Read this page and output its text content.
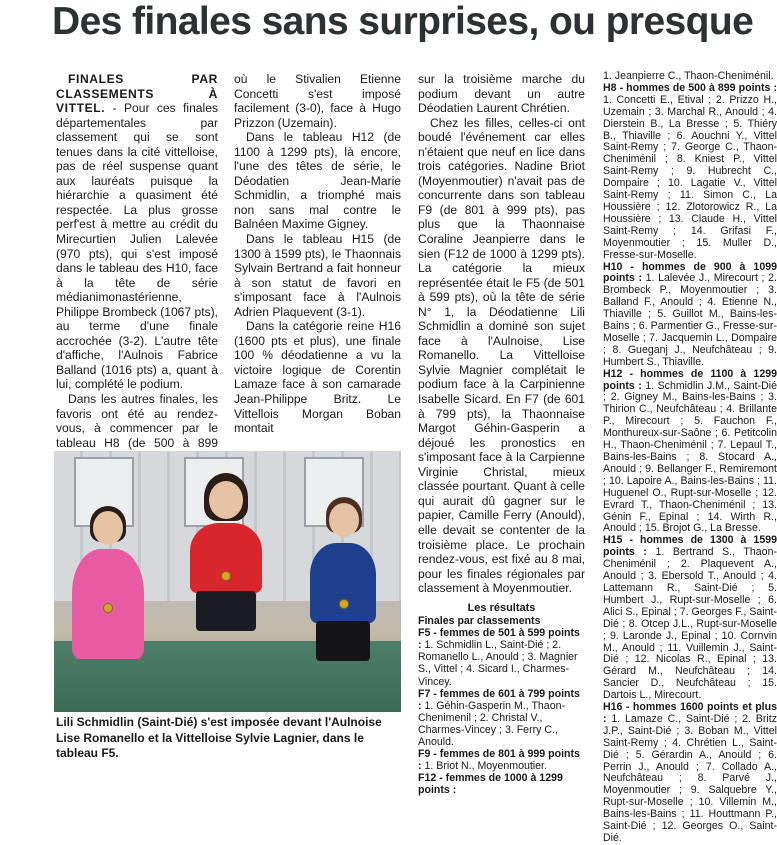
Des finales sans surprises, ou presque

FINALES PAR CLASSEMENTS À VITTEL. - Pour ces finales départementales par classement qui se sont tenues dans la cité vittelloise, pas de réel suspense quant aux lauréats puisque la hiérarchie a quasiment été respectée. La plus grosse perf'est à mettre au crédit du Mirecurtien Julien Lalevée (970 pts), qui s'est imposé dans le tableau des H10, face à la tête de série médianimonastérienne, Philippe Brombeck (1067 pts), au terme d'une finale accrochée (3-2). L'autre tête d'affiche, l'Aulnois Fabrice Balland (1016 pts) a, quant à lui, complété le podium.

Dans les autres finales, les favoris ont été au rendez-vous, à commencer par le tableau H8 (de 500 à 899

où le Stivalien Etienne Concetti s'est imposé facilement (3-0), face à Hugo Prizzon (Uzemain).

Dans le tableau H12 (de 1100 à 1299 pts), là encore, l'une des têtes de série, le Déodatien Jean-Marie Schmidlin, a triomphé mais non sans mal contre le Balnéen Maxime Gigney.

Dans le tableau H15 (de 1300 à 1599 pts), le Thaonnais Sylvain Bertrand a fait honneur à son statut de favori en s'imposant face à l'Aulnois Adrien Plaquevent (3-1).

Dans la catégorie reine H16 (1600 pts et plus), une finale 100 % déodatienne a vu la victoire logique de Corentin Lamaze face à son camarade Jean-Philippe Britz. Le Vittellois Morgan Boban montait

sur la troisième marche du podium devant un autre Déodatien Laurent Chrétien.

Chez les filles, celles-ci ont boudé l'événement car elles n'étaient que neuf en lice dans trois catégories. Nadine Briot (Moyenmoutier) n'avait pas de concurrente dans son tableau F9 (de 801 à 999 pts), pas plus que la Thaonnaise Coraline Jeanpierre dans le sien (F12 de 1000 à 1299 pts). La catégorie la mieux représentée était le F5 (de 501 à 599 pts), où la tête de série N° 1, la Déodatienne Lili Schmidlin a dominé son sujet face à l'Aulnoise, Lise Romanello. La Vittelloise Sylvie Magnier complétait le podium face à la Carpinienne Isabelle Sicard. En F7 (de 601 à 799 pts), la Thaonnaise Margot Géhin-Gasperin a déjoué les pronostics en s'imposant face à la Carpienne Virginie Christal, mieux classée pourtant. Quant à celle qui aurait dû gagner sur le papier, Camille Ferry (Anould), elle devait se contenter de la troisième place. Le prochain rendez-vous, est fixé au 8 mai, pour les finales régionales par classement à Moyenmoutier.

Les résultats
Finales par classements
F5 - femmes de 501 à 599 points : 1. Schmidlin L., Saint-Dié ; 2. Romanello L., Anould ; 3. Magnier S., Vittel ; 4. Sicard I., Charmes-Vincey.
F7 - femmes de 601 à 799 points : 1. Géhin-Gasperin M., Thaon-Chenimenil ; 2. Christal V., Charmes-Vincey ; 3. Ferry C., Anould.
F9 - femmes de 801 à 999 points : 1. Briot N., Moyenmoutier.
F12 - femmes de 1000 à 1299 points :
1. Jeanpierre C., Thaon-Cheniménil.
H8 - hommes de 500 à 899 points : 1. Concetti E., Etival ; 2. Prizzo H., Uzemain ; 3. Marchal R., Anould ; 4. Dierstein B., La Bresse ; 5. Thiéry B., Thiaville ; 6. Aouchni Y., Vittel Saint-Remy ; 7. George C., Thaon-Cheniménil ; 8. Kniest P., Vittel Saint-Remy ; 9. Hubrecht C., Dompaire ; 10. Lagatie V., Vittel Saint-Remy ; 11. Simon C., La Houssière ; 12. Zlotorowicz R., La Houssière ; 13. Claude H., Vittel Saint-Remy ; 14. Grifasi F., Moyenmoutier ; 15. Muller D., Fresse-sur-Moselle.
H10 - hommes de 900 à 1099 points : 1. Lalevée J., Mirecourt ; 2. Brombeck P., Moyenmoutier ; 3. Balland F., Anould ; 4. Etienne N., Thiaville ; 5. Guillot M., Bains-les-Bains ; 6. Parmentier G., Fresse-sur-Moselle ; 7. Jacquemin L., Dompaire ; 8. Gueganj J., Neufchâteau ; 9. Humbert S., Thiaville.
H12 - hommes de 1100 à 1299 points : 1. Schmidlin J.M., Saint-Dié ; 2. Gigney M., Bains-les-Bains ; 3. Thirion C., Neufchâteau ; 4. Brillante P., Mirecourt ; 5. Fauchon F., Monthureux-sur-Saône ; 6. Petitcolin H., Thaon-Cheniménil ; 7. Lepaul T., Bains-les-Bains ; 8. Stocard A., Anould ; 9. Bellanger F., Remiremont ; 10. Lapoire A., Bains-les-Bains ; 11. Huguenel O., Rupt-sur-Moselle ; 12. Evrard T., Thaon-Cheniménil ; 13. Génin F., Epinal ; 14. Wirth R., Anould ; 15. Brojot G., La Bresse.
H15 - hommes de 1300 à 1599 points : 1. Bertrand S., Thaon-Cheniménil ; 2. Plaquevent A., Anould ; 3. Ebersold T., Anould ; 4. Lattemann R., Saint-Dié ; 5. Humbert J., Rupt-sur-Moselle ; 6. Alici S., Epinal ; 7. Georges F., Saint-Dié ; 8. Otcep J.L., Rupt-sur-Moselle ; 9. Laronde J., Epinal ; 10. Cornvin M., Anould ; 11. Vuillemin J., Saint-Dié ; 12. Nicolas R., Epinal ; 13. Gérard M., Neufchâteau ; 14. Sancier D., Neufchâteau ; 15. Dartois L., Mirecourt.
H16 - hommes 1600 points et plus : 1. Lamaze C., Saint-Dié ; 2. Britz J.P., Saint-Dié ; 3. Boban M., Vittel Saint-Remy ; 4. Chrétien L., Saint-Dié ; 5. Gérardin A., Anould ; 6. Perrin J., Anould ; 7. Collado A., Neufchâteau ; 8. Parvé J., Moyenmoutier ; 9. Salquebre Y., Rupt-sur-Moselle ; 10. Villemin M., Bains-les-Bains ; 11. Houttmann P., Saint-Dié ; 12. Georges O., Saint-Dié.
Lili Schmidlin (Saint-Dié) s'est imposée devant l'Aulnoise Lise Romanello et la Vittelloise Sylvie Lagnier, dans le tableau F5.
